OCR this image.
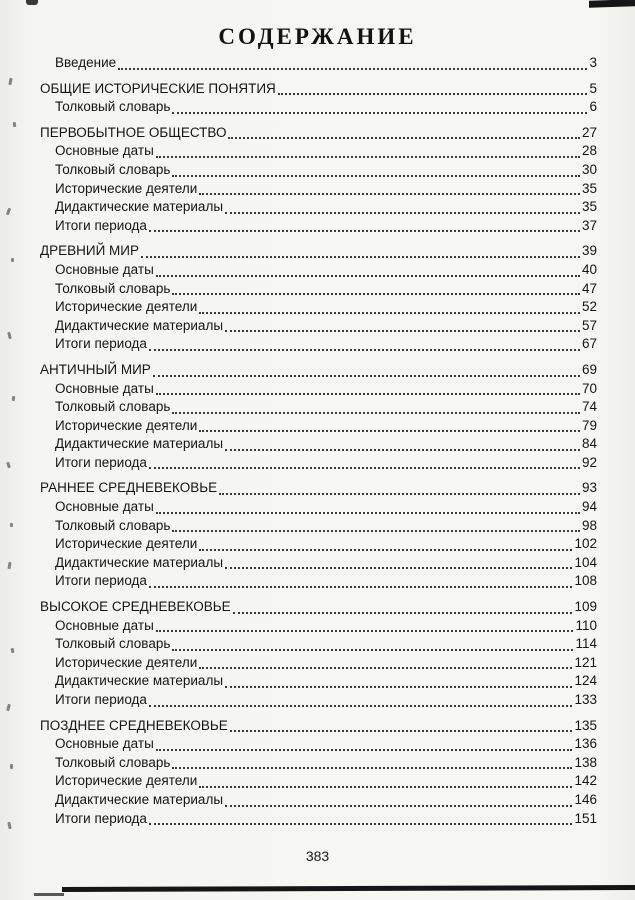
СОДЕРЖАНИЕ
Введение	3
ОБЩИЕ ИСТОРИЧЕСКИЕ ПОНЯТИЯ	5
Толковый словарь	6
ПЕРВОБЫТНОЕ ОБЩЕСТВО	27
Основные даты	28
Толковый словарь	30
Исторические деятели	35
Дидактические материалы	35
Итоги периода	37
ДРЕВНИЙ МИР	39
Основные даты	40
Толковый словарь	47
Исторические деятели	52
Дидактические материалы	57
Итоги периода	67
АНТИЧНЫЙ МИР	69
Основные даты	70
Толковый словарь	74
Исторические деятели	79
Дидактические материалы	84
Итоги периода	92
РАННЕЕ СРЕДНЕВЕКОВЬЕ	93
Основные даты	94
Толковый словарь	98
Исторические деятели	102
Дидактические материалы	104
Итоги периода	108
ВЫСОКОЕ СРЕДНЕВЕКОВЬЕ	109
Основные даты	110
Толковый словарь	114
Исторические деятели	121
Дидактические материалы	124
Итоги периода	133
ПОЗДНЕЕ СРЕДНЕВЕКОВЬЕ	135
Основные даты	136
Толковый словарь	138
Исторические деятели	142
Дидактические материалы	146
Итоги периода	151
383
